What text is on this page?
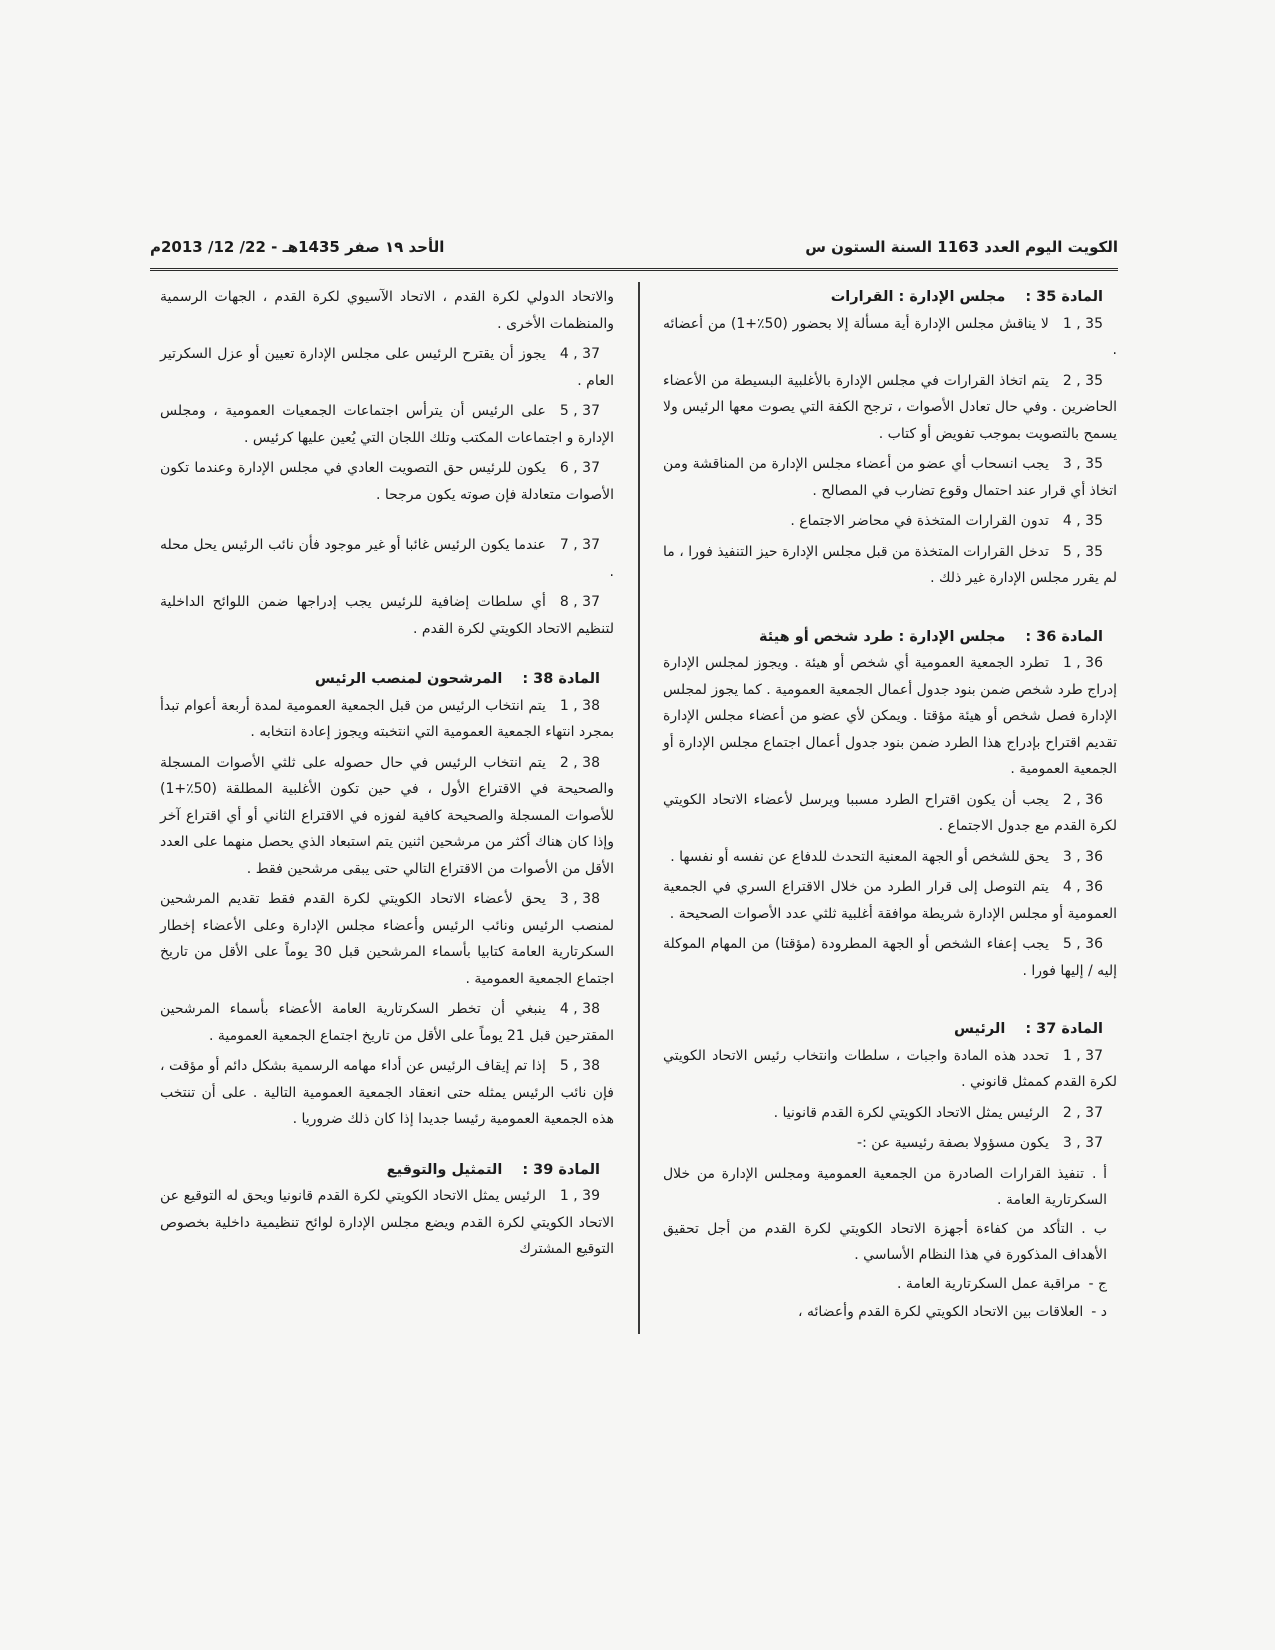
الكويت اليوم العدد 1163 السنة الستون س
الأحد ١٩ صفر 1435هـ - 22/ 12/ 2013م
المادة 35 :مجلس الإدارة : القرارات

35 , 1لا يناقش مجلس الإدارة أية مسألة إلا بحضور (50٪+1) من أعضائه .

35 , 2يتم اتخاذ القرارات في مجلس الإدارة بالأغلبية البسيطة من الأعضاء الحاضرين . وفي حال تعادل الأصوات ، ترجح الكفة التي يصوت معها الرئيس ولا يسمح بالتصويت بموجب تفويض أو كتاب .

35 , 3يجب انسحاب أي عضو من أعضاء مجلس الإدارة من المناقشة ومن اتخاذ أي قرار عند احتمال وقوع تضارب في المصالح .

35 , 4تدون القرارات المتخذة في محاضر الاجتماع .

35 , 5تدخل القرارات المتخذة من قبل مجلس الإدارة حيز التنفيذ فورا ، ما لم يقرر مجلس الإدارة غير ذلك .

المادة 36 :مجلس الإدارة : طرد شخص أو هيئة

36 , 1تطرد الجمعية العمومية أي شخص أو هيئة . ويجوز لمجلس الإدارة إدراج طرد شخص ضمن بنود جدول أعمال الجمعية العمومية . كما يجوز لمجلس الإدارة فصل شخص أو هيئة مؤقتا . ويمكن لأي عضو من أعضاء مجلس الإدارة تقديم اقتراح بإدراج هذا الطرد ضمن بنود جدول أعمال اجتماع مجلس الإدارة أو الجمعية العمومية .

36 , 2يجب أن يكون اقتراح الطرد مسببا ويرسل لأعضاء الاتحاد الكويتي لكرة القدم مع جدول الاجتماع .

36 , 3يحق للشخص أو الجهة المعنية التحدث للدفاع عن نفسه أو نفسها .

36 , 4يتم التوصل إلى قرار الطرد من خلال الاقتراع السري في الجمعية العمومية أو مجلس الإدارة شريطة موافقة أغلبية ثلثي عدد الأصوات الصحيحة .

36 , 5يجب إعفاء الشخص أو الجهة المطرودة (مؤقتا) من المهام الموكلة إليه / إليها فورا .

المادة 37 :الرئيس

37 , 1تحدد هذه المادة واجبات ، سلطات وانتخاب رئيس الاتحاد الكويتي لكرة القدم كممثل قانوني .

37 , 2الرئيس يمثل الاتحاد الكويتي لكرة القدم قانونيا .

37 , 3يكون مسؤولا بصفة رئيسية عن :-

أ .تنفيذ القرارات الصادرة من الجمعية العمومية ومجلس الإدارة من خلال السكرتارية العامة .

ب .التأكد من كفاءة أجهزة الاتحاد الكويتي لكرة القدم من أجل تحقيق الأهداف المذكورة في هذا النظام الأساسي .

ج -مراقبة عمل السكرتارية العامة .

د -العلاقات بين الاتحاد الكويتي لكرة القدم وأعضائه ،

والاتحاد الدولي لكرة القدم ، الاتحاد الآسيوي لكرة القدم ، الجهات الرسمية والمنظمات الأخرى .

37 , 4يجوز أن يقترح الرئيس على مجلس الإدارة تعيين أو عزل السكرتير العام .

37 , 5على الرئيس أن يترأس اجتماعات الجمعيات العمومية ، ومجلس الإدارة و اجتماعات المكتب وتلك اللجان التي يُعين عليها كرئيس .

37 , 6يكون للرئيس حق التصويت العادي في مجلس الإدارة وعندما تكون الأصوات متعادلة فإن صوته يكون مرجحا .

37 , 7عندما يكون الرئيس غائبا أو غير موجود فأن نائب الرئيس يحل محله .

37 , 8أي سلطات إضافية للرئيس يجب إدراجها ضمن اللوائح الداخلية لتنظيم الاتحاد الكويتي لكرة القدم .

المادة 38 :المرشحون لمنصب الرئيس

38 , 1يتم انتخاب الرئيس من قبل الجمعية العمومية لمدة أربعة أعوام تبدأ بمجرد انتهاء الجمعية العمومية التي انتخبته ويجوز إعادة انتخابه .

38 , 2يتم انتخاب الرئيس في حال حصوله على ثلثي الأصوات المسجلة والصحيحة في الاقتراع الأول ، في حين تكون الأغلبية المطلقة (50٪+1) للأصوات المسجلة والصحيحة كافية لفوزه في الاقتراع الثاني أو أي اقتراع آخر وإذا كان هناك أكثر من مرشحين اثنين يتم استبعاد الذي يحصل منهما على العدد الأقل من الأصوات من الاقتراع التالي حتى يبقى مرشحين فقط .

38 , 3يحق لأعضاء الاتحاد الكويتي لكرة القدم فقط تقديم المرشحين لمنصب الرئيس ونائب الرئيس وأعضاء مجلس الإدارة وعلى الأعضاء إخطار السكرتارية العامة كتابيا بأسماء المرشحين قبل 30 يوماً على الأقل من تاريخ اجتماع الجمعية العمومية .

38 , 4ينبغي أن تخطر السكرتارية العامة الأعضاء بأسماء المرشحين المقترحين قبل 21 يوماً على الأقل من تاريخ اجتماع الجمعية العمومية .

38 , 5إذا تم إيقاف الرئيس عن أداء مهامه الرسمية بشكل دائم أو مؤقت ، فإن نائب الرئيس يمثله حتى انعقاد الجمعية العمومية التالية . على أن تنتخب هذه الجمعية العمومية رئيسا جديدا إذا كان ذلك ضروريا .

المادة 39 :التمثيل والتوقيع

39 , 1الرئيس يمثل الاتحاد الكويتي لكرة القدم قانونيا ويحق له التوقيع عن الاتحاد الكويتي لكرة القدم ويضع مجلس الإدارة لوائح تنظيمية داخلية بخصوص التوقيع المشترك
